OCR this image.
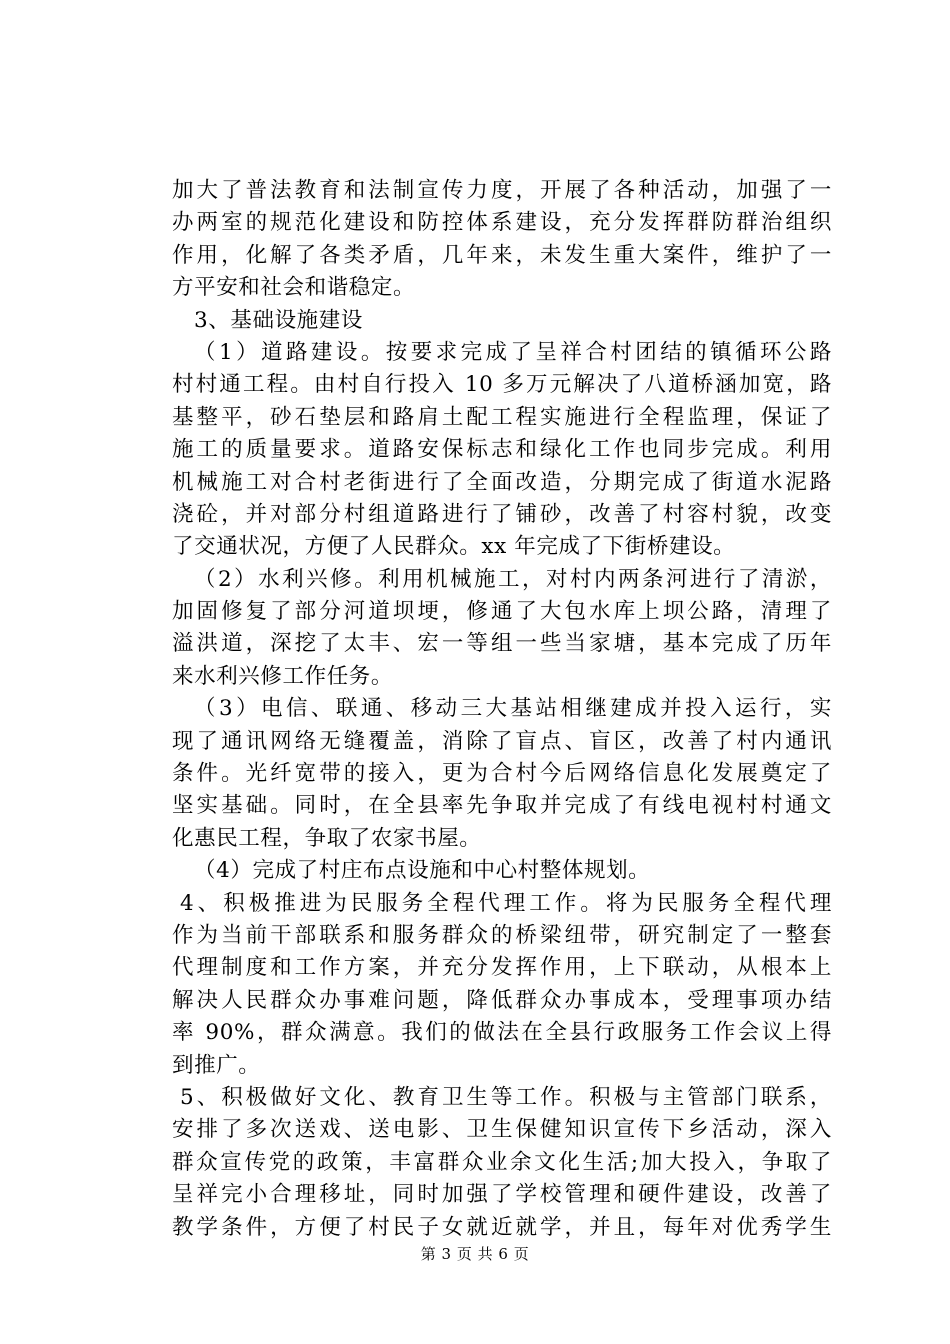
加大了普法教育和法制宣传力度，开展了各种活动，加强了一
办两室的规范化建设和防控体系建设，充分发挥群防群治组织
作用，化解了各类矛盾，几年来，未发生重大案件，维护了一
方平安和社会和谐稳定。
3、基础设施建设
（1）道路建设。按要求完成了呈祥合村团结的镇循环公路
村村通工程。由村自行投入 10 多万元解决了八道桥涵加宽，路
基整平，砂石垫层和路肩土配工程实施进行全程监理，保证了
施工的质量要求。道路安保标志和绿化工作也同步完成。利用
机械施工对合村老街进行了全面改造，分期完成了街道水泥路
浇砼，并对部分村组道路进行了铺砂，改善了村容村貌，改变
了交通状况，方便了人民群众。xx 年完成了下街桥建设。
（2）水利兴修。利用机械施工，对村内两条河进行了清淤，
加固修复了部分河道坝埂，修通了大包水库上坝公路，清理了
溢洪道，深挖了太丰、宏一等组一些当家塘，基本完成了历年
来水利兴修工作任务。
（3）电信、联通、移动三大基站相继建成并投入运行，实
现了通讯网络无缝覆盖，消除了盲点、盲区，改善了村内通讯
条件。光纤宽带的接入，更为合村今后网络信息化发展奠定了
坚实基础。同时，在全县率先争取并完成了有线电视村村通文
化惠民工程，争取了农家书屋。
（4）完成了村庄布点设施和中心村整体规划。
4、积极推进为民服务全程代理工作。将为民服务全程代理
作为当前干部联系和服务群众的桥梁纽带，研究制定了一整套
代理制度和工作方案，并充分发挥作用，上下联动，从根本上
解决人民群众办事难问题，降低群众办事成本，受理事项办结
率 90%，群众满意。我们的做法在全县行政服务工作会议上得
到推广。
5、积极做好文化、教育卫生等工作。积极与主管部门联系，
安排了多次送戏、送电影、卫生保健知识宣传下乡活动，深入
群众宣传党的政策，丰富群众业余文化生活;加大投入，争取了
呈祥完小合理移址，同时加强了学校管理和硬件建设，改善了
教学条件，方便了村民子女就近就学，并且，每年对优秀学生
第 3 页 共 6 页
